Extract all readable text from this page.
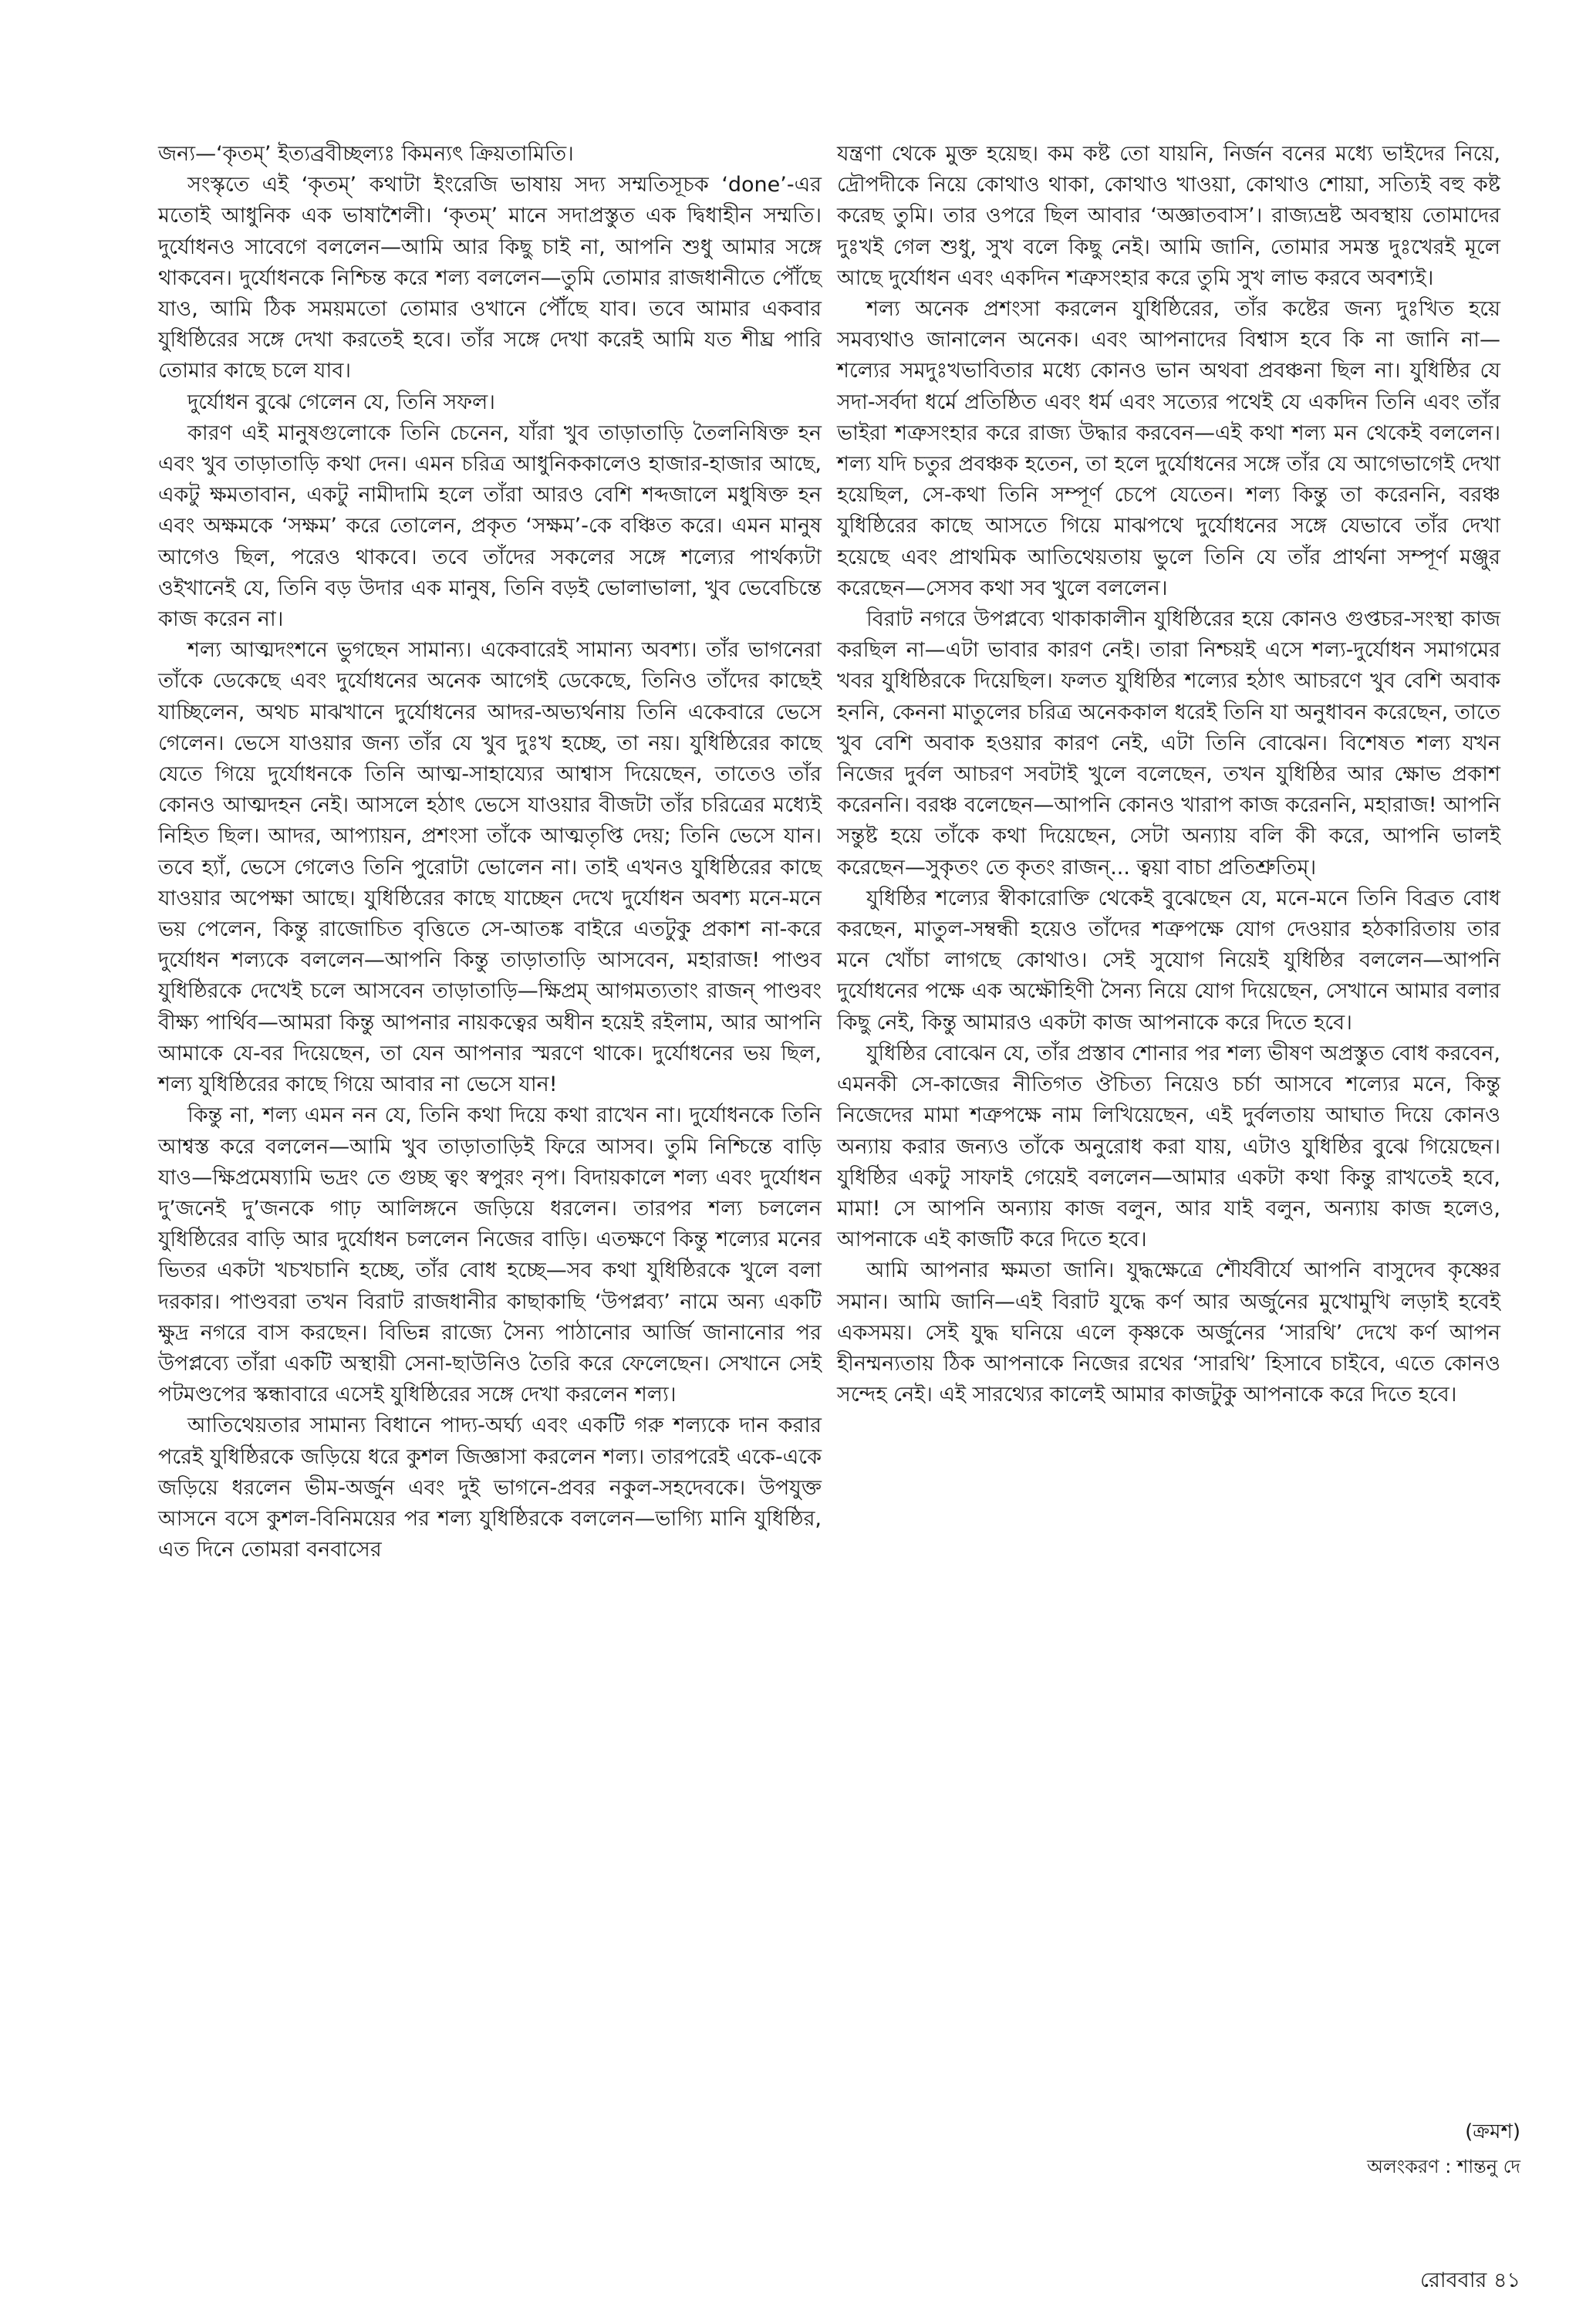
জন্য—‘কৃতম্’ ইত্যব্রবীচ্ছল্যঃ কিমন্যৎ ক্রিয়তামিতি।

সংস্কৃতে এই ‘কৃতম্’ কথাটা ইংরেজি ভাষায় সদ্য সম্মতিসূচক ‘done’-এর মতোই আধুনিক এক ভাষাশৈলী। ‘কৃতম্’ মানে সদাপ্রস্তুত এক দ্বিধাহীন সম্মতি। দুর্যোধনও সাবেগে বললেন—আমি আর কিছু চাই না, আপনি শুধু আমার সঙ্গে থাকবেন। দুর্যোধনকে নিশ্চিন্ত করে শল্য বললেন—তুমি তোমার রাজধানীতে পৌঁছে যাও, আমি ঠিক সময়মতো তোমার ওখানে পৌঁছে যাব। তবে আমার একবার যুধিষ্ঠিরের সঙ্গে দেখা করতেই হবে। তাঁর সঙ্গে দেখা করেই আমি যত শীঘ্র পারি তোমার কাছে চলে যাব।

দুর্যোধন বুঝে গেলেন যে, তিনি সফল।

কারণ এই মানুষগুলোকে তিনি চেনেন, যাঁরা খুব তাড়াতাড়ি তৈলনিষিক্ত হন এবং খুব তাড়াতাড়ি কথা দেন। এমন চরিত্র আধুনিককালেও হাজার-হাজার আছে, একটু ক্ষমতাবান, একটু নামীদামি হলে তাঁরা আরও বেশি শব্দজালে মধুষিক্ত হন এবং অক্ষমকে ‘সক্ষম’ করে তোলেন, প্রকৃত ‘সক্ষম’-কে বঞ্চিত করে। এমন মানুষ আগেও ছিল, পরেও থাকবে। তবে তাঁদের সকলের সঙ্গে শল্যের পার্থক্যটা ওইখানেই যে, তিনি বড় উদার এক মানুষ, তিনি বড়ই ভোলাভালা, খুব ভেবেচিন্তে কাজ করেন না।

শল্য আত্মদংশনে ভুগছেন সামান্য। একেবারেই সামান্য অবশ্য। তাঁর ভাগনেরা তাঁকে ডেকেছে এবং দুর্যোধনের অনেক আগেই ডেকেছে, তিনিও তাঁদের কাছেই যাচ্ছিলেন, অথচ মাঝখানে দুর্যোধনের আদর-অভ্যর্থনায় তিনি একেবারে ভেসে গেলেন। ভেসে যাওয়ার জন্য তাঁর যে খুব দুঃখ হচ্ছে, তা নয়। যুধিষ্ঠিরের কাছে যেতে গিয়ে দুর্যোধনকে তিনি আত্ম-সাহায্যের আশ্বাস দিয়েছেন, তাতেও তাঁর কোনও আত্মদহন নেই। আসলে হঠাৎ ভেসে যাওয়ার বীজটা তাঁর চরিত্রের মধ্যেই নিহিত ছিল। আদর, আপ্যায়ন, প্রশংসা তাঁকে আত্মতৃপ্তি দেয়; তিনি ভেসে যান। তবে হ্যাঁ, ভেসে গেলেও তিনি পুরোটা ভোলেন না। তাই এখনও যুধিষ্ঠিরের কাছে যাওয়ার অপেক্ষা আছে। যুধিষ্ঠিরের কাছে যাচ্ছেন দেখে দুর্যোধন অবশ্য মনে-মনে ভয় পেলেন, কিন্তু রাজোচিত বৃত্তিতে সে-আতঙ্ক বাইরে এতটুকু প্রকাশ না-করে দুর্যোধন শল্যকে বললেন—আপনি কিন্তু তাড়াতাড়ি আসবেন, মহারাজ! পাণ্ডব যুধিষ্ঠিরকে দেখেই চলে আসবেন তাড়াতাড়ি—ক্ষিপ্রম্ আগমত্যতাং রাজন্ পাণ্ডবং বীক্ষ্য পার্থিব—আমরা কিন্তু আপনার নায়কত্বের অধীন হয়েই রইলাম, আর আপনি আমাকে যে-বর দিয়েছেন, তা যেন আপনার স্মরণে থাকে। দুর্যোধনের ভয় ছিল, শল্য যুধিষ্ঠিরের কাছে গিয়ে আবার না ভেসে যান!

কিন্তু না, শল্য এমন নন যে, তিনি কথা দিয়ে কথা রাখেন না। দুর্যোধনকে তিনি আশ্বস্ত করে বললেন—আমি খুব তাড়াতাড়িই ফিরে আসব। তুমি নিশ্চিন্তে বাড়ি যাও—ক্ষিপ্রমেষ্যামি ভদ্রং তে গুচ্ছ ত্বং স্বপুরং নৃপ। বিদায়কালে শল্য এবং দুর্যোধন দু’জনেই দু’জনকে গাঢ় আলিঙ্গনে জড়িয়ে ধরলেন। তারপর শল্য চললেন যুধিষ্ঠিরের বাড়ি আর দুর্যোধন চললেন নিজের বাড়ি। এতক্ষণে কিন্তু শল্যের মনের ভিতর একটা খচখচানি হচ্ছে, তাঁর বোধ হচ্ছে—সব কথা যুধিষ্ঠিরকে খুলে বলা দরকার। পাণ্ডবরা তখন বিরাট রাজধানীর কাছাকাছি ‘উপপ্লব্য’ নামে অন্য একটি ক্ষুদ্র নগরে বাস করছেন। বিভিন্ন রাজ্যে সৈন্য পাঠানোর আর্জি জানানোর পর উপপ্লব্যে তাঁরা একটি অস্থায়ী সেনা-ছাউনিও তৈরি করে ফেলেছেন। সেখানে সেই পটমণ্ডপের স্কন্ধাবারে এসেই যুধিষ্ঠিরের সঙ্গে দেখা করলেন শল্য।

আতিথেয়তার সামান্য বিধানে পাদ্য-অর্ঘ্য এবং একটি গরু শল্যকে দান করার পরেই যুধিষ্ঠিরকে জড়িয়ে ধরে কুশল জিজ্ঞাসা করলেন শল্য। তারপরেই একে-একে জড়িয়ে ধরলেন ভীম-অর্জুন এবং দুই ভাগনে-প্রবর নকুল-সহদেবকে। উপযুক্ত আসনে বসে কুশল-বিনিময়ের পর শল্য যুধিষ্ঠিরকে বললেন—ভাগ্যি মানি যুধিষ্ঠির, এত দিনে তোমরা বনবাসের

যন্ত্রণা থেকে মুক্ত হয়েছ। কম কষ্ট তো যায়নি, নির্জন বনের মধ্যে ভাইদের নিয়ে, দ্রৌপদীকে নিয়ে কোথাও থাকা, কোথাও খাওয়া, কোথাও শোয়া, সত্যিই বহু কষ্ট করেছ তুমি। তার ওপরে ছিল আবার ‘অজ্ঞাতবাস’। রাজ্যভ্রষ্ট অবস্থায় তোমাদের দুঃখই গেল শুধু, সুখ বলে কিছু নেই। আমি জানি, তোমার সমস্ত দুঃখেরই মূলে আছে দুর্যোধন এবং একদিন শত্রুসংহার করে তুমি সুখ লাভ করবে অবশ্যই।

শল্য অনেক প্রশংসা করলেন যুধিষ্ঠিরের, তাঁর কষ্টের জন্য দুঃখিত হয়ে সমব্যথাও জানালেন অনেক। এবং আপনাদের বিশ্বাস হবে কি না জানি না—শল্যের সমদুঃখভাবিতার মধ্যে কোনও ভান অথবা প্রবঞ্চনা ছিল না। যুধিষ্ঠির যে সদা-সর্বদা ধর্মে প্রতিষ্ঠিত এবং ধর্ম এবং সত্যের পথেই যে একদিন তিনি এবং তাঁর ভাইরা শত্রুসংহার করে রাজ্য উদ্ধার করবেন—এই কথা শল্য মন থেকেই বললেন। শল্য যদি চতুর প্রবঞ্চক হতেন, তা হলে দুর্যোধনের সঙ্গে তাঁর যে আগেভাগেই দেখা হয়েছিল, সে-কথা তিনি সম্পূর্ণ চেপে যেতেন। শল্য কিন্তু তা করেননি, বরঞ্চ যুধিষ্ঠিরের কাছে আসতে গিয়ে মাঝপথে দুর্যোধনের সঙ্গে যেভাবে তাঁর দেখা হয়েছে এবং প্রাথমিক আতিথেয়তায় ভুলে তিনি যে তাঁর প্রার্থনা সম্পূর্ণ মঞ্জুর করেছেন—সেসব কথা সব খুলে বললেন।

বিরাট নগরে উপপ্লব্যে থাকাকালীন যুধিষ্ঠিরের হয়ে কোনও গুপ্তচর-সংস্থা কাজ করছিল না—এটা ভাবার কারণ নেই। তারা নিশ্চয়ই এসে শল্য-দুর্যোধন সমাগমের খবর যুধিষ্ঠিরকে দিয়েছিল। ফলত যুধিষ্ঠির শল্যের হঠাৎ আচরণে খুব বেশি অবাক হননি, কেননা মাতুলের চরিত্র অনেককাল ধরেই তিনি যা অনুধাবন করেছেন, তাতে খুব বেশি অবাক হওয়ার কারণ নেই, এটা তিনি বোঝেন। বিশেষত শল্য যখন নিজের দুর্বল আচরণ সবটাই খুলে বলেছেন, তখন যুধিষ্ঠির আর ক্ষোভ প্রকাশ করেননি। বরঞ্চ বলেছেন—আপনি কোনও খারাপ কাজ করেননি, মহারাজ! আপনি সন্তুষ্ট হয়ে তাঁকে কথা দিয়েছেন, সেটা অন্যায় বলি কী করে, আপনি ভালই করেছেন—সুকৃতং তে কৃতং রাজন্... ত্বয়া বাচা প্রতিশ্রুতিম্।

যুধিষ্ঠির শল্যের স্বীকারোক্তি থেকেই বুঝেছেন যে, মনে-মনে তিনি বিব্রত বোধ করছেন, মাতুল-সম্বন্ধী হয়েও তাঁদের শত্রুপক্ষে যোগ দেওয়ার হঠকারিতায় তার মনে খোঁচা লাগছে কোথাও। সেই সুযোগ নিয়েই যুধিষ্ঠির বললেন—আপনি দুর্যোধনের পক্ষে এক অক্ষৌহিণী সৈন্য নিয়ে যোগ দিয়েছেন, সেখানে আমার বলার কিছু নেই, কিন্তু আমারও একটা কাজ আপনাকে করে দিতে হবে।

যুধিষ্ঠির বোঝেন যে, তাঁর প্রস্তাব শোনার পর শল্য ভীষণ অপ্রস্তুত বোধ করবেন, এমনকী সে-কাজের নীতিগত ঔচিত্য নিয়েও চর্চা আসবে শল্যের মনে, কিন্তু নিজেদের মামা শত্রুপক্ষে নাম লিখিয়েছেন, এই দুর্বলতায় আঘাত দিয়ে কোনও অন্যায় করার জন্যও তাঁকে অনুরোধ করা যায়, এটাও যুধিষ্ঠির বুঝে গিয়েছেন। যুধিষ্ঠির একটু সাফাই গেয়েই বললেন—আমার একটা কথা কিন্তু রাখতেই হবে, মামা! সে আপনি অন্যায় কাজ বলুন, আর যাই বলুন, অন্যায় কাজ হলেও, আপনাকে এই কাজটি করে দিতে হবে।

আমি আপনার ক্ষমতা জানি। যুদ্ধক্ষেত্রে শৌর্যবীর্যে আপনি বাসুদেব কৃষ্ণের সমান। আমি জানি—এই বিরাট যুদ্ধে কর্ণ আর অর্জুনের মুখোমুখি লড়াই হবেই একসময়। সেই যুদ্ধ ঘনিয়ে এলে কৃষ্ণকে অর্জুনের ‘সারথি’ দেখে কর্ণ আপন হীনম্মন্যতায় ঠিক আপনাকে নিজের রথের ‘সারথি’ হিসাবে চাইবে, এতে কোনও সন্দেহ নেই। এই সারথ্যের কালেই আমার কাজটুকু আপনাকে করে দিতে হবে।

(ক্রমশ)
অলংকরণ : শান্তনু দে
রোববার ৪১
